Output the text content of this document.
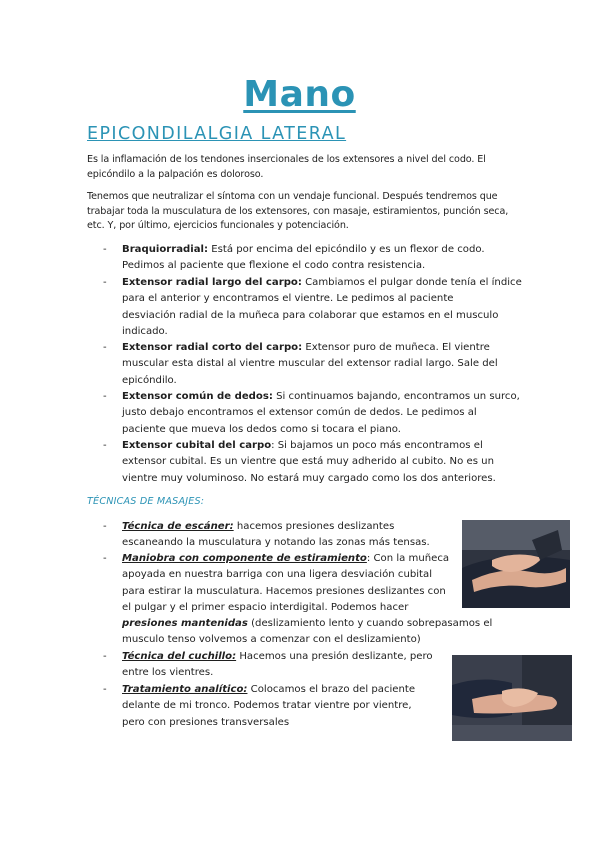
Mano
EPICONDILALGIA LATERAL
Es la inflamación de los tendones insercionales de los extensores a nivel del codo. El epicóndilo a la palpación es doloroso.
Tenemos que neutralizar el síntoma con un vendaje funcional. Después tendremos que trabajar toda la musculatura de los extensores, con masaje, estiramientos, punción seca, etc. Y, por último, ejercicios funcionales y potenciación.
-	Braquiorradial: Está por encima del epicóndilo y es un flexor de codo.
Pedimos al paciente que flexione el codo contra resistencia.
-	Extensor radial largo del carpo: Cambiamos el pulgar donde tenía el índice
para el anterior y encontramos el vientre. Le pedimos al paciente
desviación radial de la muñeca para colaborar que estamos en el musculo
indicado.
-	Extensor radial corto del carpo: Extensor puro de muñeca. El vientre
muscular esta distal al vientre muscular del extensor radial largo. Sale del
epicóndilo.
-	Extensor común de dedos: Si continuamos bajando, encontramos un surco,
justo debajo encontramos el extensor común de dedos. Le pedimos al
paciente que mueva los dedos como si tocara el piano.
-	Extensor cubital del carpo: Si bajamos un poco más encontramos el
extensor cubital. Es un vientre que está muy adherido al cubito. No es un
vientre muy voluminoso. No estará muy cargado como los dos anteriores.
TÉCNICAS DE MASAJES:
-	Técnica de escáner: hacemos presiones deslizantes
escaneando la musculatura y notando las zonas más tensas.
-	Maniobra con componente de estiramiento: Con la muñeca
apoyada en nuestra barriga con una ligera desviación cubital
para estirar la musculatura. Hacemos presiones deslizantes con
el pulgar y el primer espacio interdigital. Podemos hacer
presiones mantenidas (deslizamiento lento y cuando sobrepasamos el
musculo tenso volvemos a comenzar con el deslizamiento)
-	Técnica del cuchillo: Hacemos una presión deslizante, pero
entre los vientres.
-	Tratamiento analítico: Colocamos el brazo del paciente
delante de mi tronco. Podemos tratar vientre por vientre,
pero con presiones transversales
